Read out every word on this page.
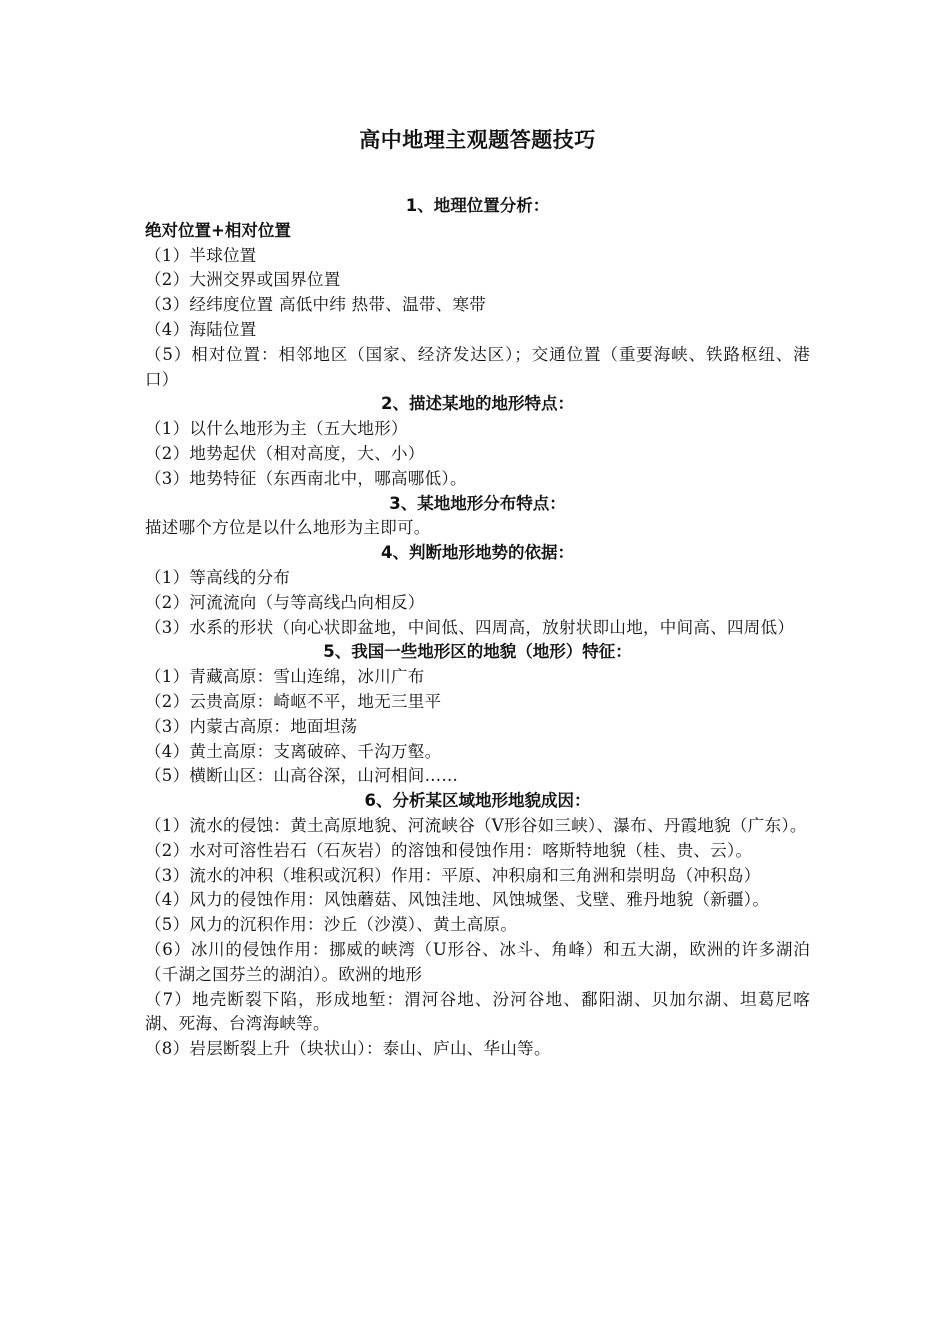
高中地理主观题答题技巧
1、地理位置分析：

绝对位置+相对位置

（1）半球位置

（2）大洲交界或国界位置

（3）经纬度位置 高低中纬 热带、温带、寒带

（4）海陆位置

（5）相对位置：相邻地区（国家、经济发达区）；交通位置（重要海峡、铁路枢纽、港口）

2、描述某地的地形特点：

（1）以什么地形为主（五大地形）

（2）地势起伏（相对高度，大、小）

（3）地势特征（东西南北中，哪高哪低）。

3、某地地形分布特点：

描述哪个方位是以什么地形为主即可。

4、判断地形地势的依据：

（1）等高线的分布

（2）河流流向（与等高线凸向相反）

（3）水系的形状（向心状即盆地，中间低、四周高，放射状即山地，中间高、四周低）

5、我国一些地形区的地貌（地形）特征：

（1）青藏高原：雪山连绵，冰川广布

（2）云贵高原：崎岖不平，地无三里平

（3）内蒙古高原：地面坦荡

（4）黄土高原：支离破碎、千沟万壑。

（5）横断山区：山高谷深，山河相间……

6、分析某区域地形地貌成因：

（1）流水的侵蚀：黄土高原地貌、河流峡谷（V形谷如三峡）、瀑布、丹霞地貌（广东）。

（2）水对可溶性岩石（石灰岩）的溶蚀和侵蚀作用：喀斯特地貌（桂、贵、云）。

（3）流水的冲积（堆积或沉积）作用：平原、冲积扇和三角洲和崇明岛（冲积岛）

（4）风力的侵蚀作用：风蚀蘑菇、风蚀洼地、风蚀城堡、戈壁、雅丹地貌（新疆）。

（5）风力的沉积作用：沙丘（沙漠）、黄土高原。

（6）冰川的侵蚀作用：挪威的峡湾（U形谷、冰斗、角峰）和五大湖，欧洲的许多湖泊（千湖之国芬兰的湖泊）。欧洲的地形

（7）地壳断裂下陷，形成地堑：渭河谷地、汾河谷地、鄱阳湖、贝加尔湖、坦葛尼喀湖、死海、台湾海峡等。

（8）岩层断裂上升（块状山）：泰山、庐山、华山等。
